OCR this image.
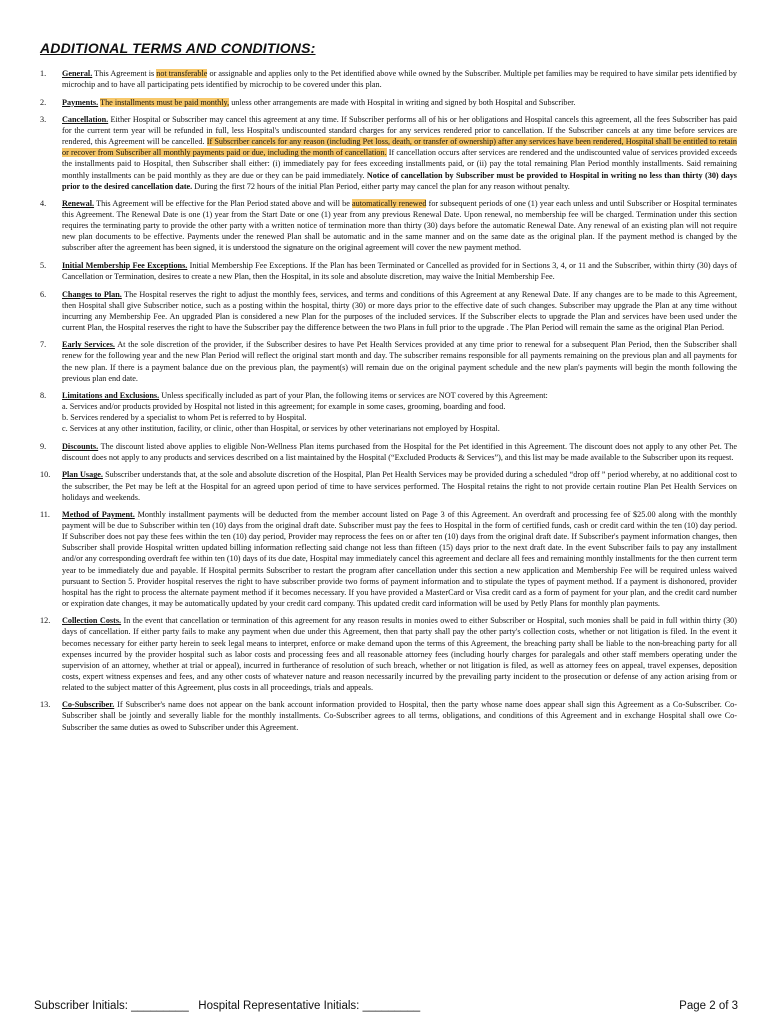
ADDITIONAL TERMS AND CONDITIONS:
1. General. This Agreement is not transferable or assignable and applies only to the Pet identified above while owned by the Subscriber. Multiple pet families may be required to have similar pets identified by microchip and to have all participating pets identified by microchip to be covered under this plan.
2. Payments. The installments must be paid monthly, unless other arrangements are made with Hospital in writing and signed by both Hospital and Subscriber.
3. Cancellation. Either Hospital or Subscriber may cancel this agreement at any time. If Subscriber performs all of his or her obligations and Hospital cancels this agreement, all the fees Subscriber has paid for the current term year will be refunded in full, less Hospital's undiscounted standard charges for any services rendered prior to cancellation. If the Subscriber cancels at any time before services are rendered, this Agreement will be cancelled. If Subscriber cancels for any reason (including Pet loss, death, or transfer of ownership) after any services have been rendered, Hospital shall be entitled to retain or recover from Subscriber all monthly payments paid or due, including the month of cancellation. If cancellation occurs after services are rendered and the undiscounted value of services provided exceeds the installments paid to Hospital, then Subscriber shall either: (i) immediately pay for fees exceeding installments paid, or (ii) pay the total remaining Plan Period monthly installments. Said remaining monthly installments can be paid monthly as they are due or they can be paid immediately. Notice of cancellation by Subscriber must be provided to Hospital in writing no less than thirty (30) days prior to the desired cancellation date. During the first 72 hours of the initial Plan Period, either party may cancel the plan for any reason without penalty.
4. Renewal. This Agreement will be effective for the Plan Period stated above and will be automatically renewed for subsequent periods of one (1) year each unless and until Subscriber or Hospital terminates this Agreement. The Renewal Date is one (1) year from the Start Date or one (1) year from any previous Renewal Date. Upon renewal, no membership fee will be charged. Termination under this section requires the terminating party to provide the other party with a written notice of termination more than thirty (30) days before the automatic Renewal Date. Any renewal of an existing plan will not require new plan documents to be effective. Payments under the renewed Plan shall be automatic and in the same manner and on the same date as the original plan. If the payment method is changed by the subscriber after the agreement has been signed, it is understood the signature on the original agreement will cover the new payment method.
5. Initial Membership Fee Exceptions. Initial Membership Fee Exceptions. If the Plan has been Terminated or Cancelled as provided for in Sections 3, 4, or 11 and the Subscriber, within thirty (30) days of Cancellation or Termination, desires to create a new Plan, then the Hospital, in its sole and absolute discretion, may waive the Initial Membership Fee.
6. Changes to Plan. The Hospital reserves the right to adjust the monthly fees, services, and terms and conditions of this Agreement at any Renewal Date. If any changes are to be made to this Agreement, then Hospital shall give Subscriber notice, such as a posting within the hospital, thirty (30) or more days prior to the effective date of such changes. Subscriber may upgrade the Plan at any time without incurring any Membership Fee. An upgraded Plan is considered a new Plan for the purposes of the included services. If the Subscriber elects to upgrade the Plan and services have been used under the current Plan, the Hospital reserves the right to have the Subscriber pay the difference between the two Plans in full prior to the upgrade . The Plan Period will remain the same as the original Plan Period.
7. Early Services. At the sole discretion of the provider, if the Subscriber desires to have Pet Health Services provided at any time prior to renewal for a subsequent Plan Period, then the Subscriber shall renew for the following year and the new Plan Period will reflect the original start month and day. The subscriber remains responsible for all payments remaining on the previous plan and all payments for the new plan. If there is a payment balance due on the previous plan, the payment(s) will remain due on the original payment schedule and the new plan's payments will begin the month following the previous plan end date.
8. Limitations and Exclusions. Unless specifically included as part of your Plan, the following items or services are NOT covered by this Agreement:
a. Services and/or products provided by Hospital not listed in this agreement; for example in some cases, grooming, boarding and food.
b. Services rendered by a specialist to whom Pet is referred to by Hospital.
c. Services at any other institution, facility, or clinic, other than Hospital, or services by other veterinarians not employed by Hospital.
9. Discounts. The discount listed above applies to eligible Non-Wellness Plan items purchased from the Hospital for the Pet identified in this Agreement. The discount does not apply to any other Pet. The discount does not apply to any products and services described on a list maintained by the Hospital (“Excluded Products & Services”), and this list may be made available to the Subscriber upon its request.
10. Plan Usage. Subscriber understands that, at the sole and absolute discretion of the Hospital, Plan Pet Health Services may be provided during a scheduled “drop off ” period whereby, at no additional cost to the subscriber, the Pet may be left at the Hospital for an agreed upon period of time to have services performed. The Hospital retains the right to not provide certain routine Plan Pet Health Services on holidays and weekends.
11. Method of Payment. Monthly installment payments will be deducted from the member account listed on Page 3 of this Agreement. An overdraft and processing fee of $25.00 along with the monthly payment will be due to Subscriber within ten (10) days from the original draft date. Subscriber must pay the fees to Hospital in the form of certified funds, cash or credit card within the ten (10) day period. If Subscriber does not pay these fees within the ten (10) day period, Provider may reprocess the fees on or after ten (10) days from the original draft date. If Subscriber's payment information changes, then Subscriber shall provide Hospital written updated billing information reflecting said change not less than fifteen (15) days prior to the next draft date. In the event Subscriber fails to pay any installment and/or any corresponding overdraft fee within ten (10) days of its due date, Hospital may immediately cancel this agreement and declare all fees and remaining monthly installments for the then current term year to be immediately due and payable. If Hospital permits Subscriber to restart the program after cancellation under this section a new application and Membership Fee will be required unless waived pursuant to Section 5. Provider hospital reserves the right to have subscriber provide two forms of payment information and to stipulate the types of payment method. If a payment is dishonored, provider hospital has the right to process the alternate payment method if it becomes necessary. If you have provided a MasterCard or Visa credit card as a form of payment for your plan, and the credit card number or expiration date changes, it may be automatically updated by your credit card company. This updated credit card information will be used by Petly Plans for monthly plan payments.
12. Collection Costs. In the event that cancellation or termination of this agreement for any reason results in monies owed to either Subscriber or Hospital, such monies shall be paid in full within thirty (30) days of cancellation. If either party fails to make any payment when due under this Agreement, then that party shall pay the other party's collection costs, whether or not litigation is filed. In the event it becomes necessary for either party herein to seek legal means to interpret, enforce or make demand upon the terms of this Agreement, the breaching party shall be liable to the non-breaching party for all expenses incurred by the provider hospital such as labor costs and processing fees and all reasonable attorney fees (including hourly charges for paralegals and other staff members operating under the supervision of an attorney, whether at trial or appeal), incurred in furtherance of resolution of such breach, whether or not litigation is filed, as well as attorney fees on appeal, travel expenses, deposition costs, expert witness expenses and fees, and any other costs of whatever nature and reason necessarily incurred by the prevailing party incident to the prosecution or defense of any action arising from or related to the subject matter of this Agreement, plus costs in all proceedings, trials and appeals.
13. Co-Subscriber. If Subscriber's name does not appear on the bank account information provided to Hospital, then the party whose name does appear shall sign this Agreement as a Co-Subscriber. Co-Subscriber shall be jointly and severally liable for the monthly installments. Co-Subscriber agrees to all terms, obligations, and conditions of this Agreement and in exchange Hospital shall owe Co-Subscriber the same duties as owed to Subscriber under this Agreement.
Subscriber Initials: _________   Hospital Representative Initials: _________	Page 2 of 3
